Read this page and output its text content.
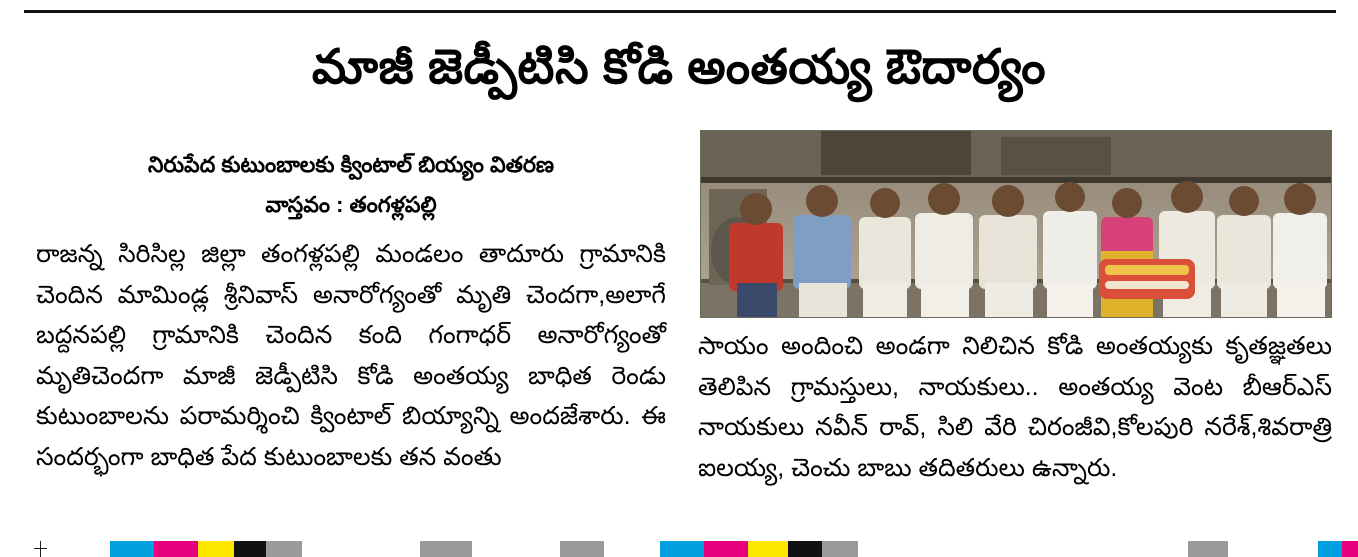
మాజీ జెడ్పీటిసి కోడి అంతయ్య ఔదార్యం
నిరుపేద కుటుంబాలకు క్వింటాల్ బియ్యం వితరణ
వాస్తవం : తంగళ్లపల్లి
రాజన్న సిరిసిల్ల జిల్లా తంగళ్లపల్లి మండలం తాదూరు గ్రామానికి చెందిన మామిండ్ల శ్రీనివాస్ అనారోగ్యంతో మృతి చెందగా,అలాగే బద్దనపల్లి గ్రామానికి చెందిన కంది గంగాధర్ అనారోగ్యంతో మృతిచెందగా మాజీ జెడ్పీటిసి కోడి అంతయ్య బాధిత రెండు కుటుంబాలను పరామర్శించి క్వింటాల్ బియ్యాన్ని అందజేశారు. ఈ సందర్భంగా బాధిత పేద కుటుంబాలకు తన వంతు
సాయం అందించి అండగా నిలిచిన కోడి అంతయ్యకు కృతజ్ఞతలు తెలిపిన గ్రామస్తులు, నాయకులు.. అంతయ్య వెంట బీఆర్ఎస్ నాయకులు నవీన్ రావ్, సిలి వేరి చిరంజీవి,కోలపురి నరేశ్,శివరాత్రి ఐలయ్య, చెంచు బాబు తదితరులు ఉన్నారు.
